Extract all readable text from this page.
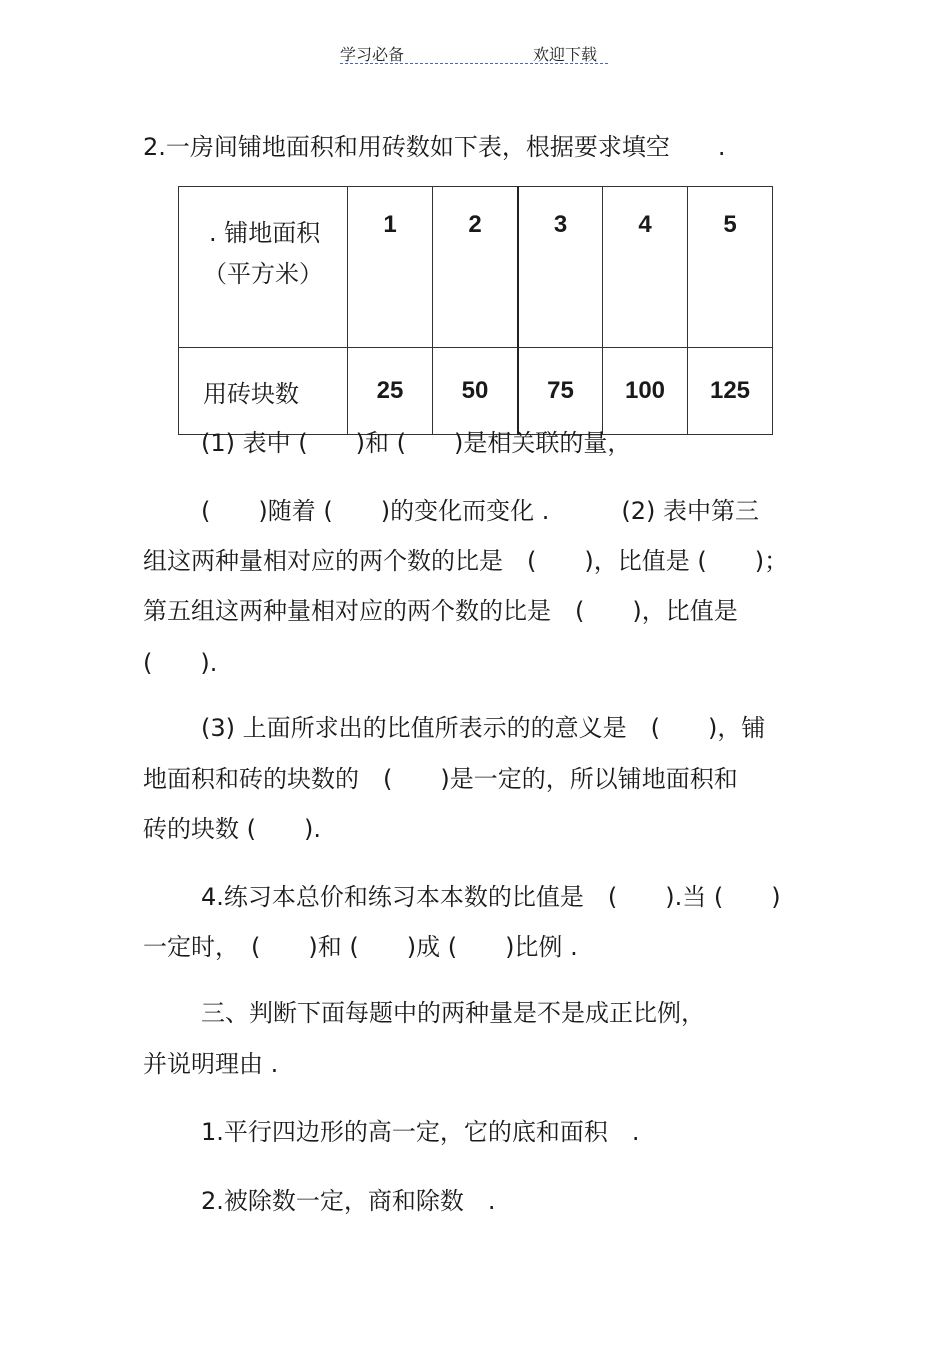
学习必备	欢迎下载
2.一房间铺地面积和用砖数如下表，根据要求填空　　.
. 铺地面积
（平方米）	1	2	3	4	5

用砖块数	25	50	75	100	125
(1) 表中 (　　)和 (　　)是相关联的量，
(　　)随着 (　　)的变化而变化 .　　　(2) 表中第三
组这两种量相对应的两个数的比是　(　　)，比值是 (　　)；
第五组这两种量相对应的两个数的比是　(　　)，比值是
(　　).
(3) 上面所求出的比值所表示的的意义是　(　　)，铺
地面积和砖的块数的　(　　)是一定的，所以铺地面积和
砖的块数 (　　).
4.练习本总价和练习本本数的比值是　(　　).当 (　　)
一定时，　(　　)和 (　　)成 (　　)比例 .
三、判断下面每题中的两种量是不是成正比例，
并说明理由 .
1.平行四边形的高一定，它的底和面积　.
2.被除数一定，商和除数　.
